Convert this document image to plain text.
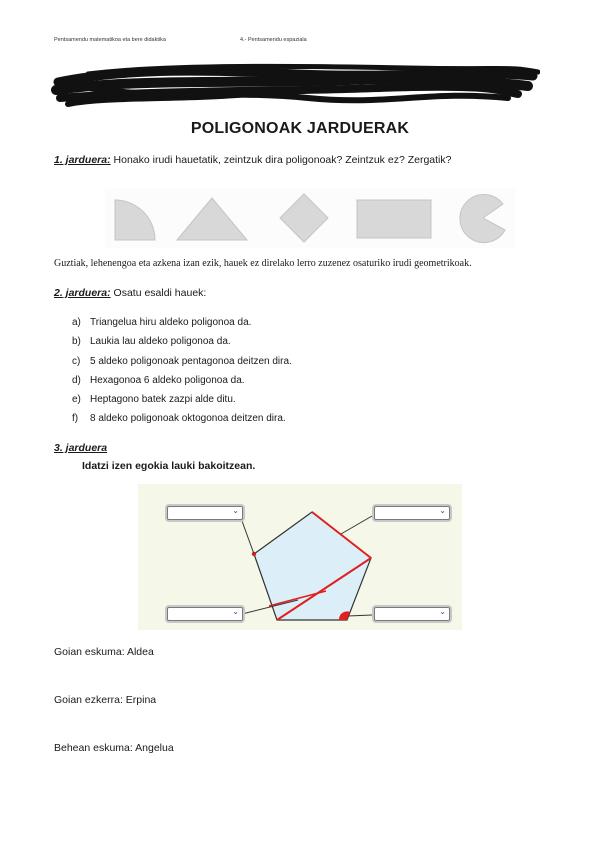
Pentsamendu matematikoa eta bere didaktika	4.- Pentsamendu espaziala
POLIGONOAK JARDUERAK
1. jarduera: Honako irudi hauetatik, zeintzuk dira poligonoak? Zeintzuk ez? Zergatik?
Guztiak, lehenengoa eta azkena izan ezik, hauek ez direlako lerro zuzenez osaturiko irudi geometrikoak.
2. jarduera: Osatu esaldi hauek:
a) Triangelua hiru aldeko poligonoa da.
b) Laukia lau aldeko poligonoa da.
c) 5 aldeko poligonoak pentagonoa deitzen dira.
d) Hexagonoa 6 aldeko poligonoa da.
e) Heptagono batek zazpi alde ditu.
f)	8 aldeko poligonoak oktogonoa deitzen dira.
3. jarduera
Idatzi izen egokia lauki bakoitzean.
⌄	⌄
⌄	⌄
Goian eskuma: Aldea
Goian ezkerra: Erpina
Behean eskuma: Angelua
